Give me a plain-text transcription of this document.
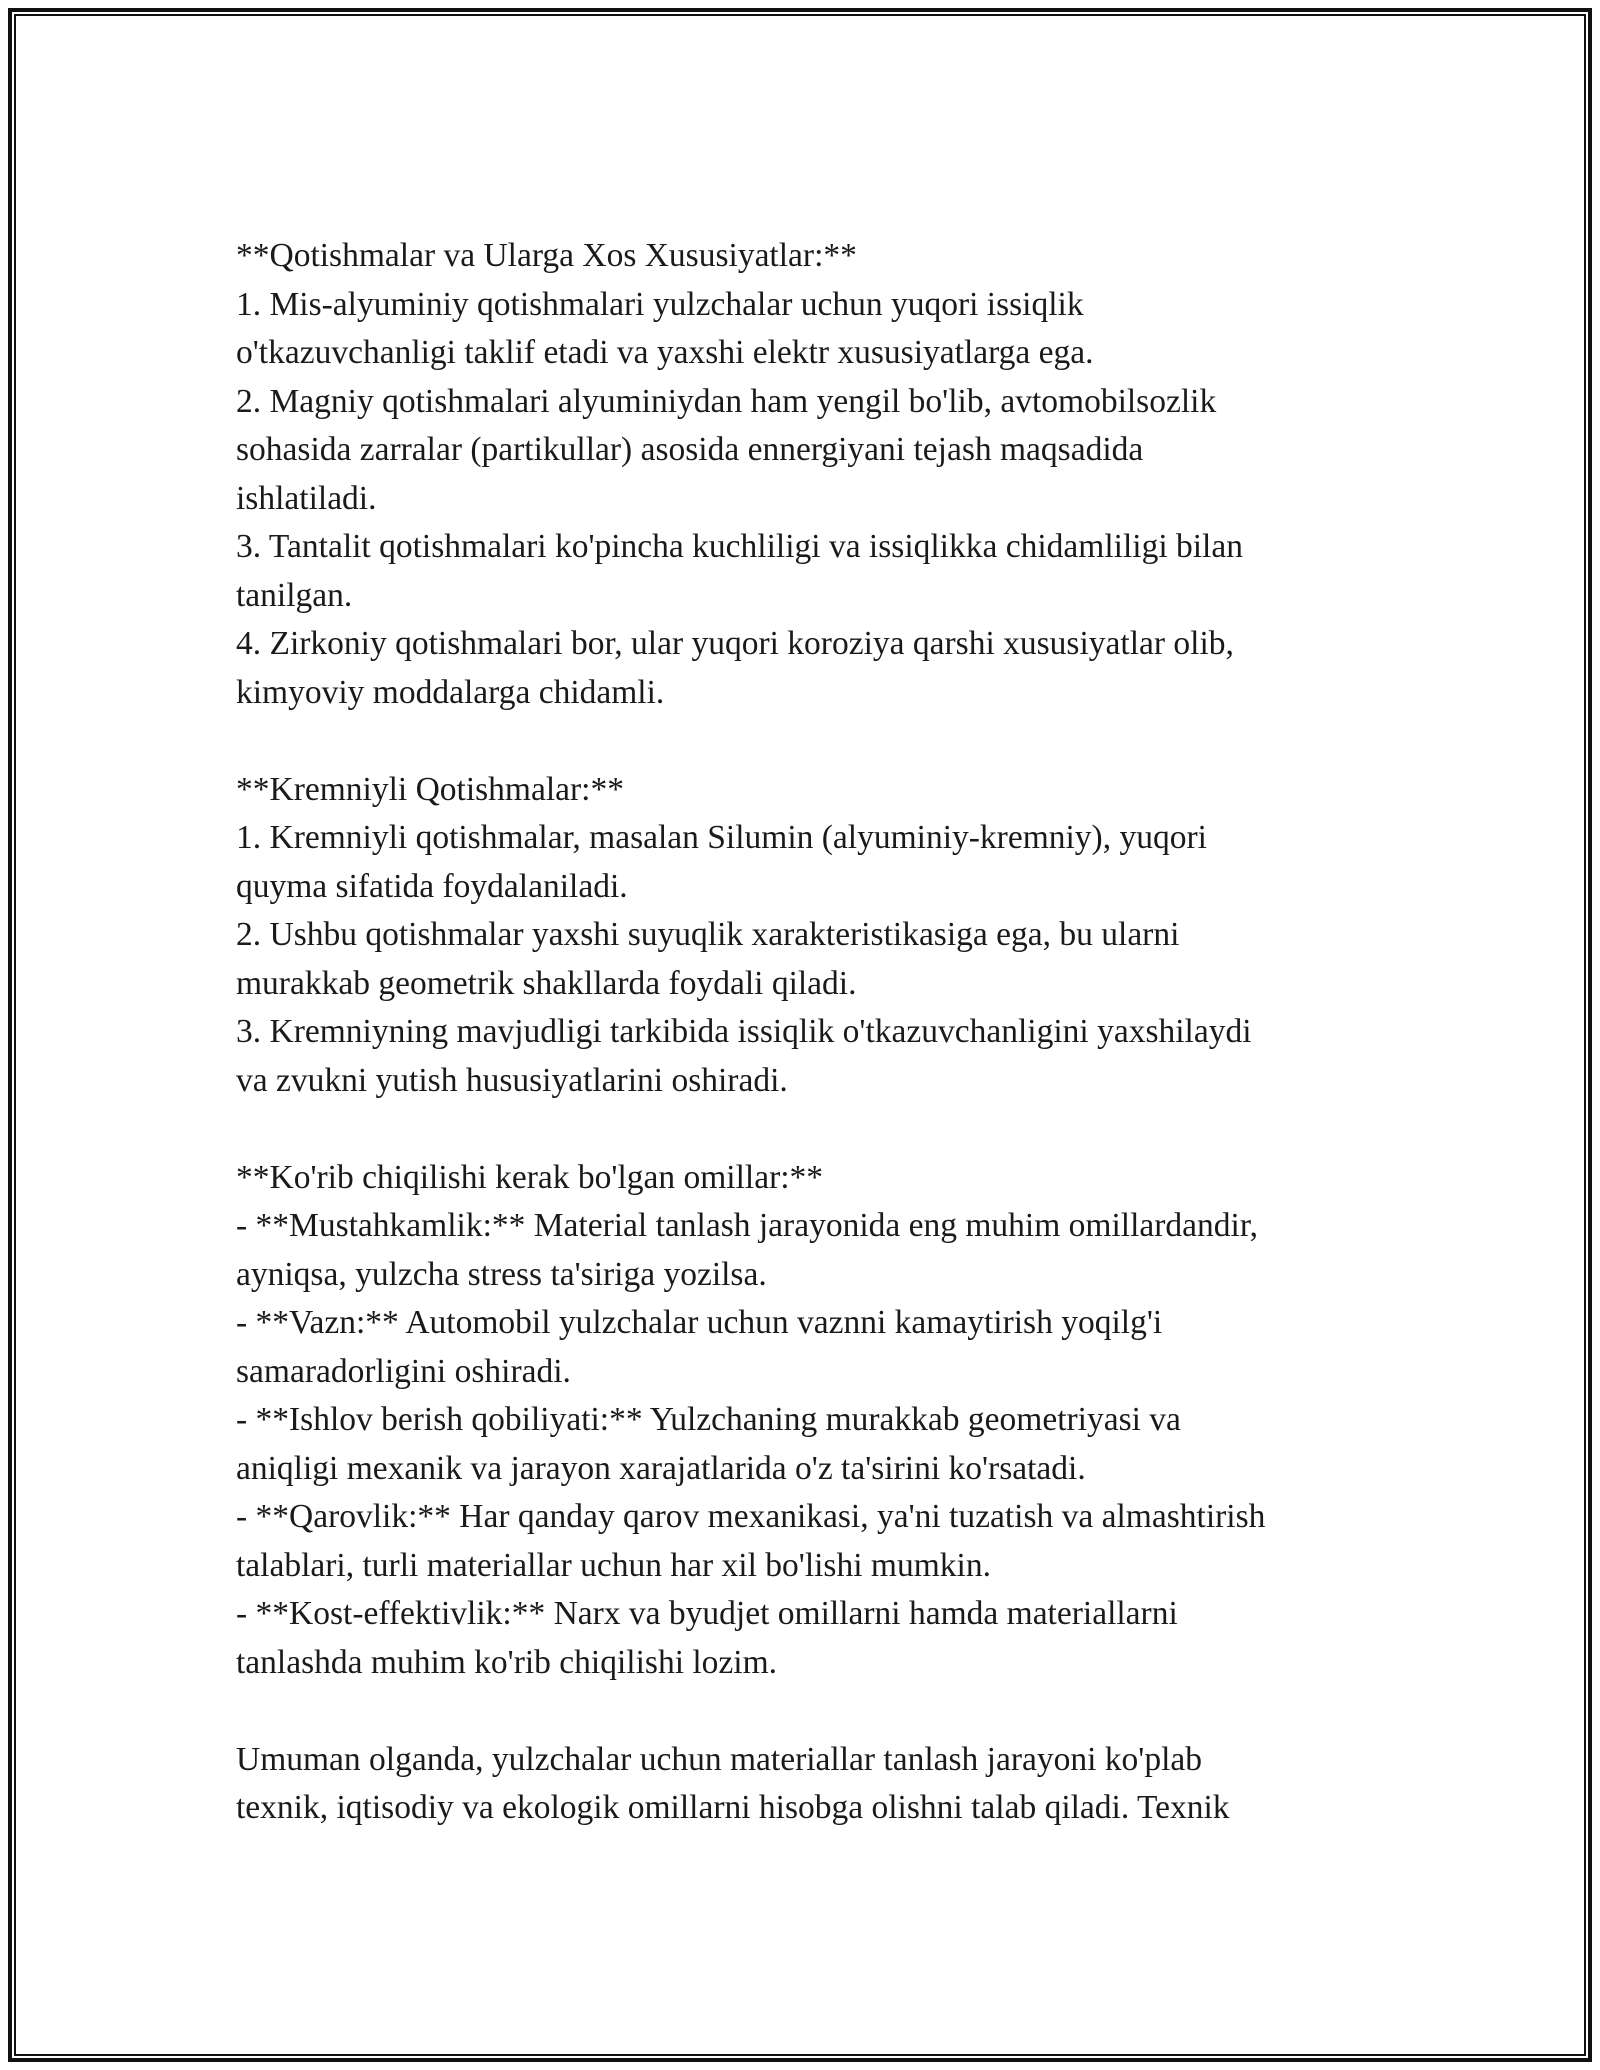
**Qotishmalar va Ularga Xos Xususiyatlar:**
1. Mis-alyuminiy qotishmalari yulzchalar uchun yuqori issiqlik
o'tkazuvchanligi taklif etadi va yaxshi elektr xususiyatlarga ega.
2. Magniy qotishmalari alyuminiydan ham yengil bo'lib, avtomobilsozlik
sohasida zarralar (partikullar) asosida ennergiyani tejash maqsadida
ishlatiladi.
3. Tantalit qotishmalari ko'pincha kuchliligi va issiqlikka chidamliligi bilan
tanilgan.
4. Zirkoniy qotishmalari bor, ular yuqori koroziya qarshi xususiyatlar olib,
kimyoviy moddalarga chidamli.
**Kremniyli Qotishmalar:**
1. Kremniyli qotishmalar, masalan Silumin (alyuminiy-kremniy), yuqori
quyma sifatida foydalaniladi.
2. Ushbu qotishmalar yaxshi suyuqlik xarakteristikasiga ega, bu ularni
murakkab geometrik shakllarda foydali qiladi.
3. Kremniyning mavjudligi tarkibida issiqlik o'tkazuvchanligini yaxshilaydi
va zvukni yutish hususiyatlarini oshiradi.
**Ko'rib chiqilishi kerak bo'lgan omillar:**
- **Mustahkamlik:** Material tanlash jarayonida eng muhim omillardandir,
ayniqsa, yulzcha stress ta'siriga yozilsa.
- **Vazn:** Automobil yulzchalar uchun vaznni kamaytirish yoqilg'i
samaradorligini oshiradi.
- **Ishlov berish qobiliyati:** Yulzchaning murakkab geometriyasi va
aniqligi mexanik va jarayon xarajatlarida o'z ta'sirini ko'rsatadi.
- **Qarovlik:** Har qanday qarov mexanikasi, ya'ni tuzatish va almashtirish
talablari, turli materiallar uchun har xil bo'lishi mumkin.
- **Kost-effektivlik:** Narx va byudjet omillarni hamda materiallarni
tanlashda muhim ko'rib chiqilishi lozim.
Umuman olganda, yulzchalar uchun materiallar tanlash jarayoni ko'plab
texnik, iqtisodiy va ekologik omillarni hisobga olishni talab qiladi. Texnik
